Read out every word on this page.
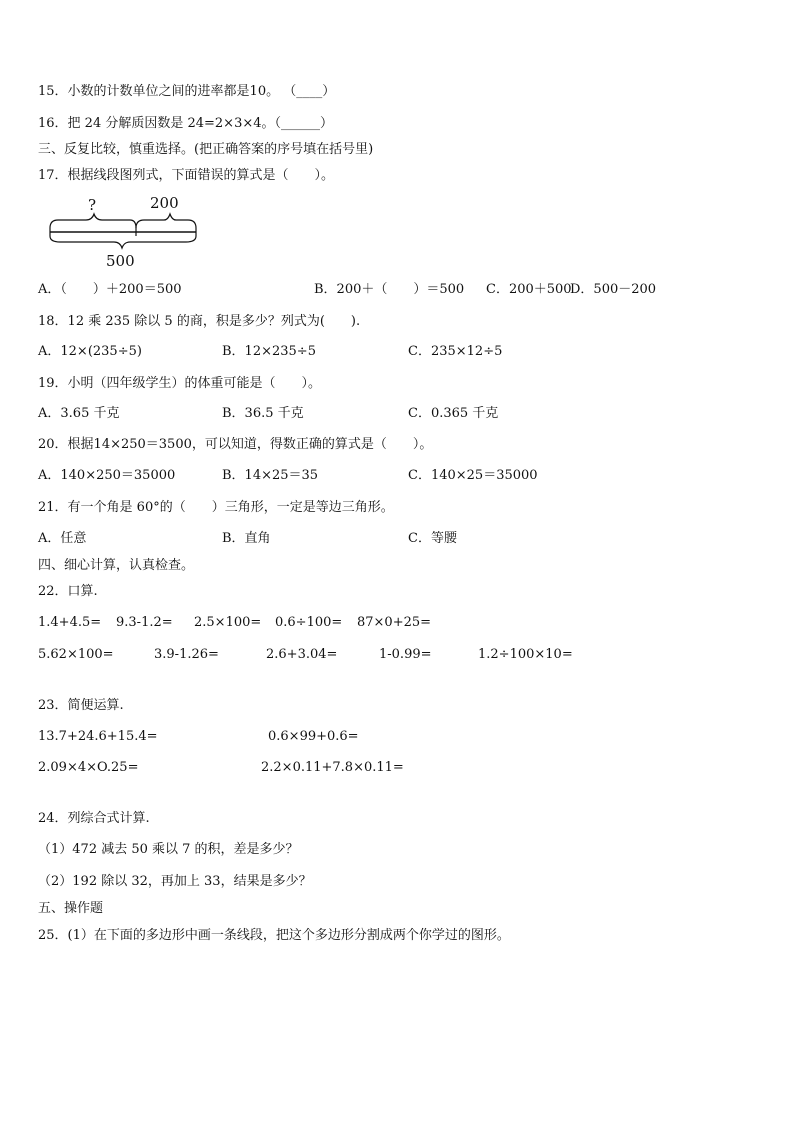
15．小数的计数单位之间的进率都是10。 （____）
16．把 24 分解质因数是 24=2×3×4。（______）
三、反复比较，慎重选择。(把正确答案的序号填在括号里)
17．根据线段图列式，下面错误的算式是（　　）。
?	200
500
A．（　　）＋200＝500	B．200＋（　　）＝500 C．200＋500
D．500－200
18．12 乘 235 除以 5 的商，积是多少？列式为(　　).
A．12×(235÷5)	B．12×235÷5	C．235×12÷5
19．小明（四年级学生）的体重可能是（　　）。
A．3.65 千克	B．36.5 千克	C．0.365 千克
20．根据14×250＝3500，可以知道，得数正确的算式是（　　）。
A．140×250＝35000	B．14×25＝35	C．140×25＝35000
21．有一个角是 60°的（　　）三角形，一定是等边三角形。
A．任意	B．直角	C．等腰
四、细心计算，认真检查。
22．口算.
1.4+4.5= 9.3-1.2= 2.5×100= 0.6÷100= 87×0+25=
5.62×100=	3.9-1.26=	2.6+3.04=	1-0.99=	1.2÷100×10=
23．简便运算.
13.7+24.6+15.4=	0.6×99+0.6=
2.09×4×O.25=	2.2×0.11+7.8×0.11=
24．列综合式计算.
（1）472 减去 50 乘以 7 的积，差是多少？
（2）192 除以 32，再加上 33，结果是多少？
五、操作题
25．(1）在下面的多边形中画一条线段，把这个多边形分割成两个你学过的图形。
